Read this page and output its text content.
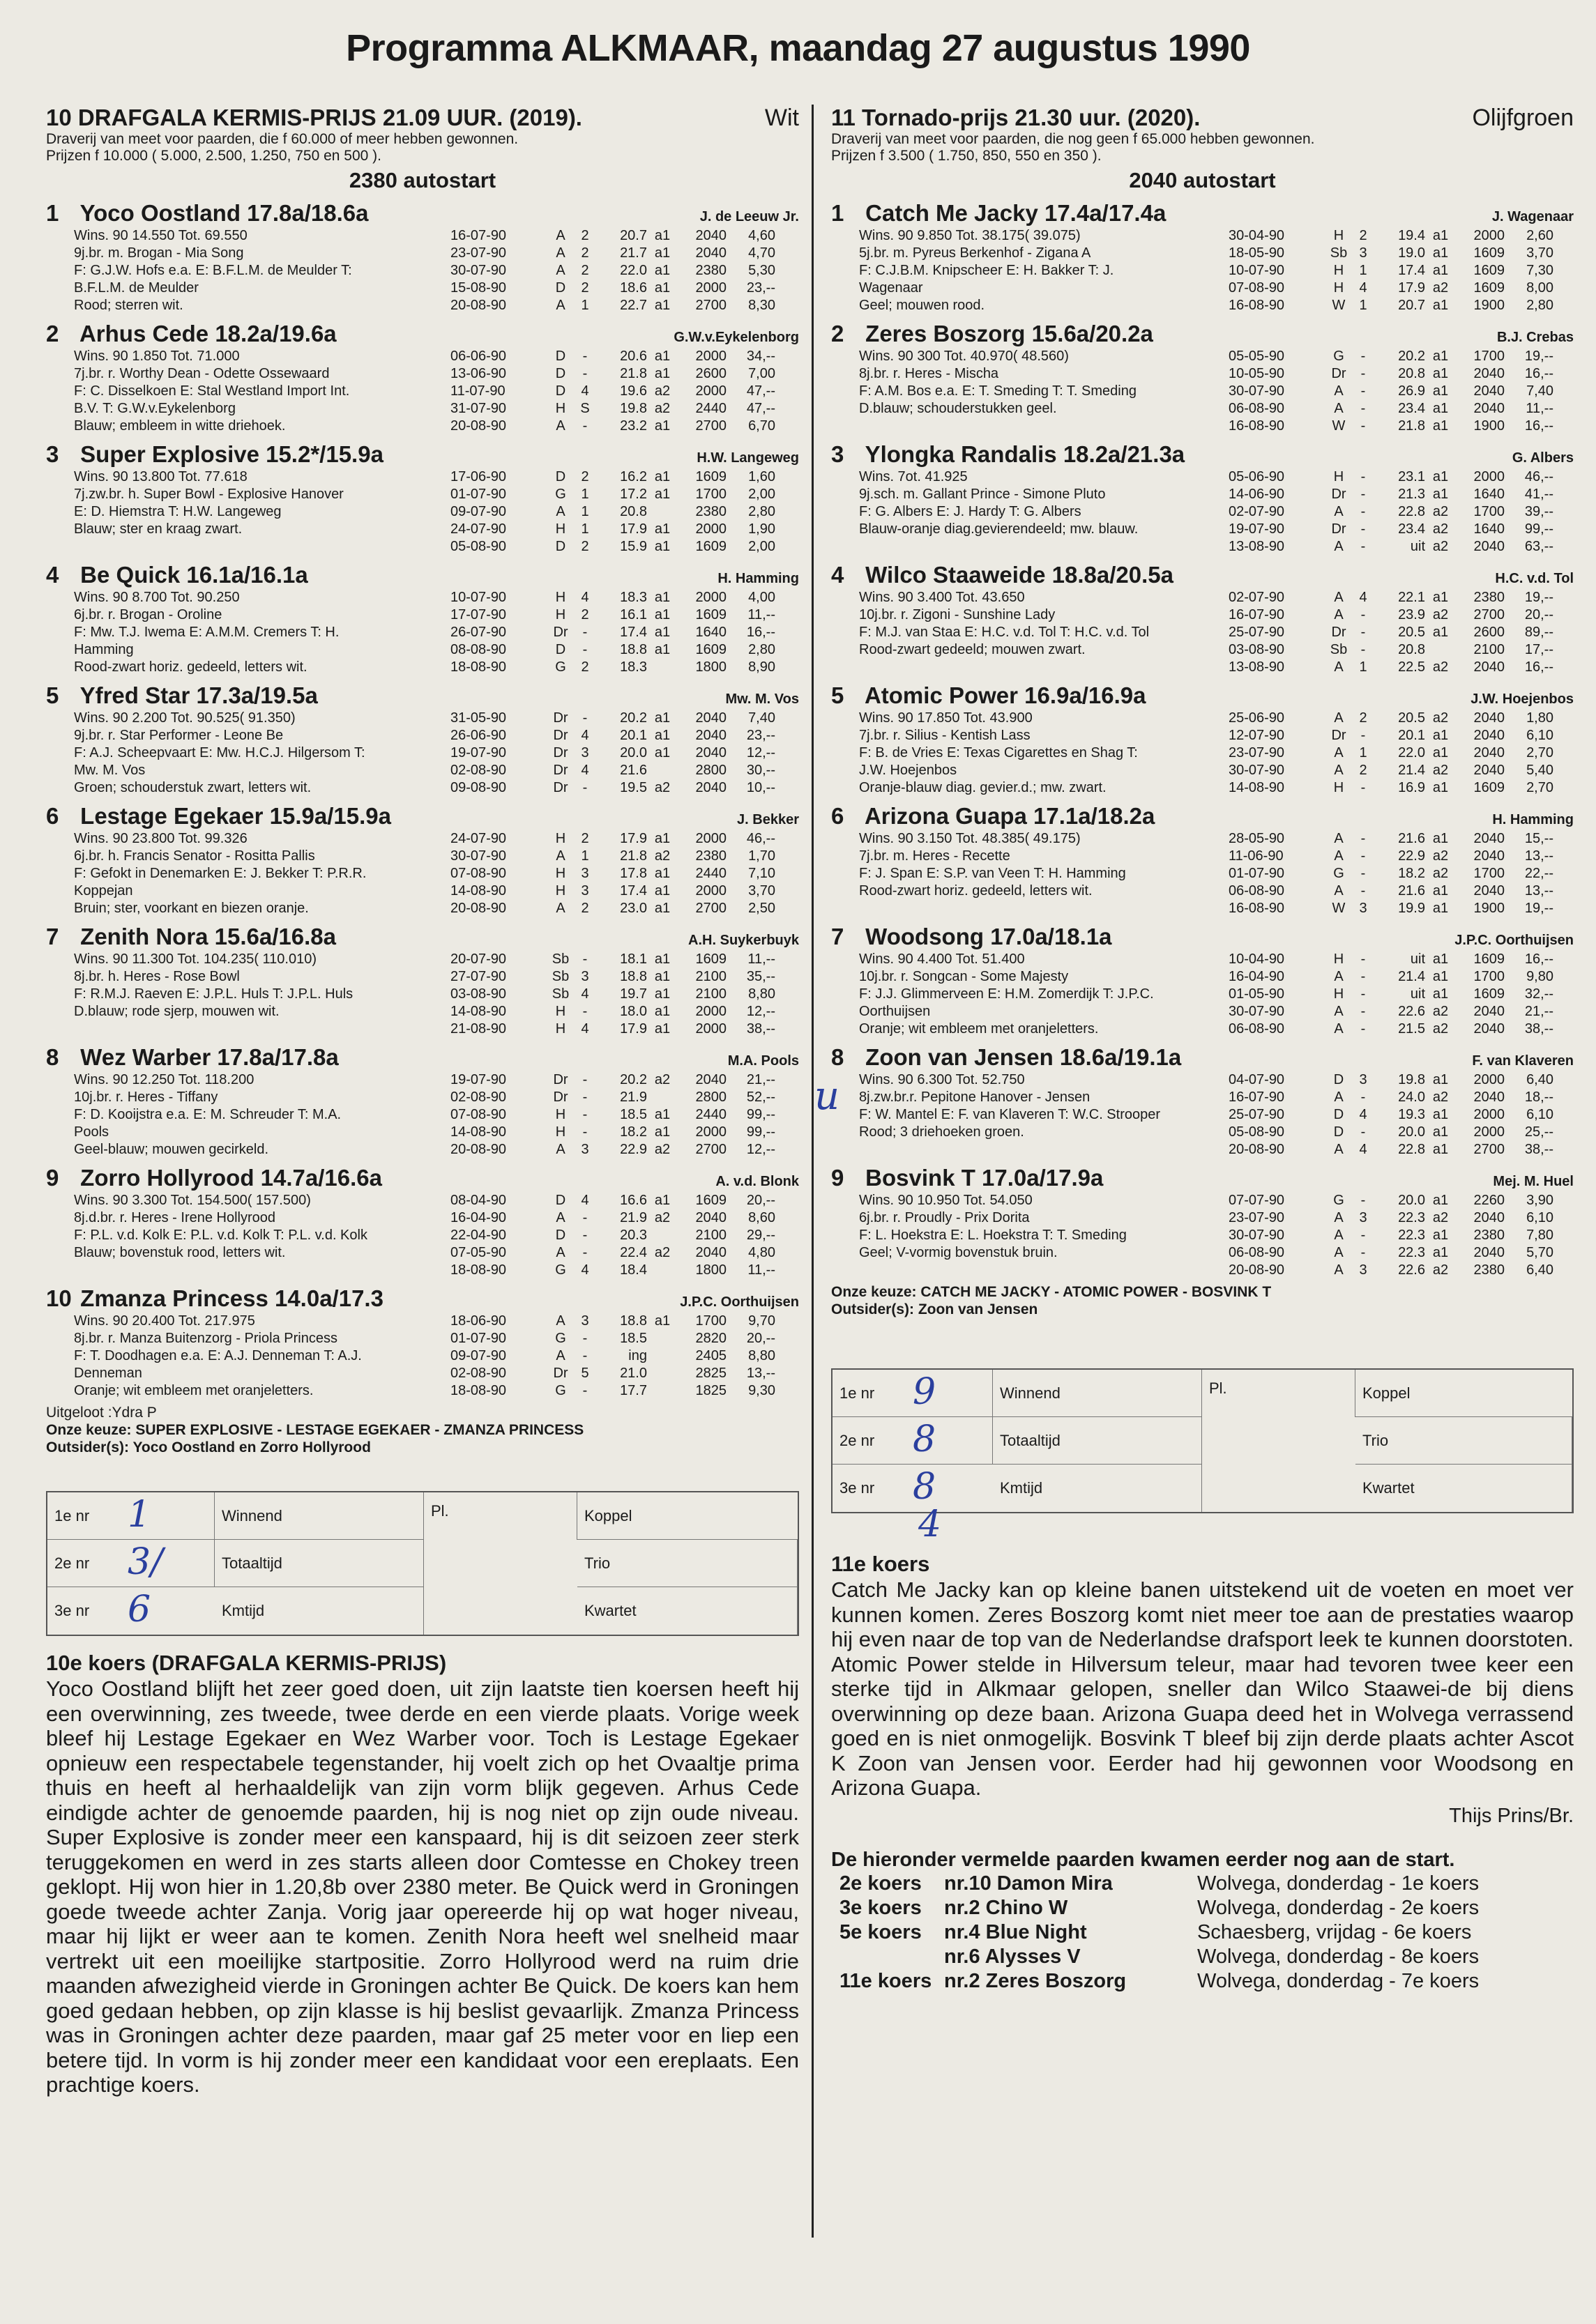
Programma ALKMAAR, maandag 27 augustus 1990
u
10 DRAFGALA KERMIS-PRIJS 21.09 UUR. (2019).	Wit
Draverij van meet voor paarden, die f 60.000 of meer hebben gewonnen.
Prijzen f 10.000 ( 5.000, 2.500, 1.250, 750 en 500 ).
2380 autostart
1 Yoco Oostland 17.8a/18.6a	J. de Leeuw Jr.
Wins. 90 14.550 Tot. 69.550
9j.br. m. Brogan - Mia Song
F: G.J.W. Hofs e.a. E: B.F.L.M. de Meulder T:
B.F.L.M. de Meulder
Rood; sterren wit.
16-07-90	A	2	20.7 a1	2040	4,60
23-07-90	A	2	21.7 a1	2040	4,70
30-07-90	A	2	22.0 a1	2380	5,30
15-08-90	D	2	18.6 a1	2000	23,--
20-08-90	A	1	22.7 a1	2700	8,30
2 Arhus Cede 18.2a/19.6a	G.W.v.Eykelenborg
Wins. 90 1.850 Tot. 71.000
7j.br. r. Worthy Dean - Odette Ossewaard
F: C. Disselkoen E: Stal Westland Import Int.
B.V. T: G.W.v.Eykelenborg
Blauw; embleem in witte driehoek.
06-06-90	D	-	20.6 a1	2000	34,--
13-06-90	D	-	21.8 a1	2600	7,00
11-07-90	D	4	19.6 a2	2000	47,--
31-07-90	H	S	19.8 a2	2440	47,--
20-08-90	A	-	23.2 a1	2700	6,70
3 Super Explosive 15.2*/15.9a	H.W. Langeweg
Wins. 90 13.800 Tot. 77.618
7j.zw.br. h. Super Bowl - Explosive Hanover
E: D. Hiemstra T: H.W. Langeweg
Blauw; ster en kraag zwart.
17-06-90	D	2	16.2 a1	1609	1,60
01-07-90	G	1	17.2 a1	1700	2,00
09-07-90	A	1	20.8	2380	2,80
24-07-90	H	1	17.9 a1	2000	1,90
05-08-90	D	2	15.9 a1	1609	2,00
4 Be Quick 16.1a/16.1a	H. Hamming
Wins. 90 8.700 Tot. 90.250
6j.br. r. Brogan - Oroline
F: Mw. T.J. Iwema E: A.M.M. Cremers T: H.
Hamming
Rood-zwart horiz. gedeeld, letters wit.
10-07-90	H	4	18.3 a1	2000	4,00
17-07-90	H	2	16.1 a1	1609	11,--
26-07-90	Dr	-	17.4 a1	1640	16,--
08-08-90	D	-	18.8 a1	1609	2,80
18-08-90	G	2	18.3	1800	8,90
5 Yfred Star 17.3a/19.5a	Mw. M. Vos
Wins. 90 2.200 Tot. 90.525( 91.350)
9j.br. r. Star Performer - Leone Be
F: A.J. Scheepvaart E: Mw. H.C.J. Hilgersom T:
Mw. M. Vos
Groen; schouderstuk zwart, letters wit.
31-05-90	Dr	-	20.2 a1	2040	7,40
26-06-90	Dr 4	20.1 a1	2040	23,--
19-07-90	Dr 3	20.0 a1	2040	12,--
02-08-90	Dr 4	21.6	2800	30,--
09-08-90	Dr	-	19.5 a2	2040	10,--
6 Lestage Egekaer 15.9a/15.9a	J. Bekker
Wins. 90 23.800 Tot. 99.326
6j.br. h. Francis Senator - Rositta Pallis
F: Gefokt in Denemarken E: J. Bekker T: P.R.R.
Koppejan
Bruin; ster, voorkant en biezen oranje.
24-07-90	H	2	17.9 a1	2000	46,--
30-07-90	A	1	21.8 a2	2380	1,70
07-08-90	H	3	17.8 a1	2440	7,10
14-08-90	H	3	17.4 a1	2000	3,70
20-08-90	A	2	23.0 a1	2700	2,50
7 Zenith Nora 15.6a/16.8a	A.H. Suykerbuyk
Wins. 90 11.300 Tot. 104.235( 110.010)
8j.br. h. Heres - Rose Bowl
F: R.M.J. Raeven E: J.P.L. Huls T: J.P.L. Huls
D.blauw; rode sjerp, mouwen wit.
20-07-90	Sb -	18.1 a1	1609	11,--
27-07-90	Sb 3	18.8 a1	2100	35,--
03-08-90	Sb 4	19.7 a1	2100	8,80
14-08-90	H	-	18.0 a1	2000	12,--
21-08-90	H	4	17.9 a1	2000	38,--
8 Wez Warber 17.8a/17.8a	M.A. Pools
Wins. 90 12.250 Tot. 118.200
10j.br. r. Heres - Tiffany
F: D. Kooijstra e.a. E: M. Schreuder T: M.A.
Pools
Geel-blauw; mouwen gecirkeld.
19-07-90	Dr	-	20.2 a2	2040	21,--
02-08-90	Dr	-	21.9	2800	52,--
07-08-90	H	-	18.5 a1	2440	99,--
14-08-90	H	-	18.2 a1	2000	99,--
20-08-90	A	3	22.9 a2	2700	12,--
9 Zorro Hollyrood 14.7a/16.6a	A. v.d. Blonk
Wins. 90 3.300 Tot. 154.500( 157.500)
8j.d.br. r. Heres - Irene Hollyrood
F: P.L. v.d. Kolk E: P.L. v.d. Kolk T: P.L. v.d. Kolk
Blauw; bovenstuk rood, letters wit.
08-04-90	D	4	16.6 a1	1609	20,--
16-04-90	A	-	21.9 a2	2040	8,60
22-04-90	D	-	20.3	2100	29,--
07-05-90	A	-	22.4 a2	2040	4,80
18-08-90	G	4	18.4	1800	11,--
10 Zmanza Princess 14.0a/17.3	J.P.C. Oorthuijsen
Wins. 90 20.400 Tot. 217.975
8j.br. r. Manza Buitenzorg - Priola Princess
F: T. Doodhagen e.a. E: A.J. Denneman T: A.J.
Denneman
Oranje; wit embleem met oranjeletters.
18-06-90	A	3	18.8 a1	1700	9,70
01-07-90	G	-	18.5	2820	20,--
09-07-90	A	-	ing	2405	8,80
02-08-90	Dr 5	21.0	2825	13,--
18-08-90	G	-	17.7	1825	9,30
Uitgeloot :Ydra P
Onze keuze: SUPER EXPLOSIVE - LESTAGE EGEKAER - ZMANZA PRINCESS
Outsider(s): Yoco Oostland en Zorro Hollyrood
1e nr 1	Winnend	Pl.	Koppel
2e nr 3/	Totaaltijd	Trio
3e nr 6	Kmtijd	Kwartet
10e koers (DRAFGALA KERMIS-PRIJS)
Yoco Oostland blijft het zeer goed doen, uit zijn laatste tien koersen heeft hij een overwinning, zes tweede, twee derde en een vierde plaats. Vorige week bleef hij Lestage Egekaer en Wez Warber voor. Toch is Lestage Egekaer opnieuw een respectabele tegenstander, hij voelt zich op het Ovaaltje prima thuis en heeft al herhaaldelijk van zijn vorm blijk gegeven. Arhus Cede eindigde achter de genoemde paarden, hij is nog niet op zijn oude niveau. Super Explosive is zonder meer een kanspaard, hij is dit seizoen zeer sterk teruggekomen en werd in zes starts alleen door Comtesse en Chokey treen geklopt. Hij won hier in 1.20,8b over 2380 meter. Be Quick werd in Groningen goede tweede achter Zanja. Vorig jaar opereerde hij op wat hoger niveau, maar hij lijkt er weer aan te komen. Zenith Nora heeft wel snelheid maar vertrekt uit een moeilijke startpositie. Zorro Hollyrood werd na ruim drie maanden afwezigheid vierde in Groningen achter Be Quick. De koers kan hem goed gedaan hebben, op zijn klasse is hij beslist gevaarlijk. Zmanza Princess was in Groningen achter deze paarden, maar gaf 25 meter voor en liep een betere tijd. In vorm is hij zonder meer een kandidaat voor een ereplaats. Een prachtige koers.
11 Tornado-prijs 21.30 uur. (2020).	Olijfgroen
Draverij van meet voor paarden, die nog geen f 65.000 hebben gewonnen.
Prijzen f 3.500 ( 1.750, 850, 550 en 350 ).
2040 autostart
1 Catch Me Jacky 17.4a/17.4a	J. Wagenaar
Wins. 90 9.850 Tot. 38.175( 39.075)
5j.br. m. Pyreus Berkenhof - Zigana A
F: C.J.B.M. Knipscheer E: H. Bakker T: J.
Wagenaar
Geel; mouwen rood.
30-04-90	H	2	19.4 a1	2000	2,60
18-05-90	Sb 3	19.0 a1	1609	3,70
10-07-90	H	1	17.4 a1	1609	7,30
07-08-90	H	4	17.9 a2	1609	8,00
16-08-90	W	1	20.7 a1	1900	2,80
2 Zeres Boszorg 15.6a/20.2a	B.J. Crebas
Wins. 90 300 Tot. 40.970( 48.560)
8j.br. r. Heres - Mischa
F: A.M. Bos e.a. E: T. Smeding T: T. Smeding
D.blauw; schouderstukken geel.
05-05-90	G	-	20.2 a1	1700	19,--
10-05-90	Dr	-	20.8 a1	2040	16,--
30-07-90	A	-	26.9 a1	2040	7,40
06-08-90	A	-	23.4 a1	2040	11,--
16-08-90	W	-	21.8 a1	1900	16,--
3 Ylongka Randalis 18.2a/21.3a	G. Albers
Wins. 7ot. 41.925
9j.sch. m. Gallant Prince - Simone Pluto
F: G. Albers E: J. Hardy T: G. Albers
Blauw-oranje diag.gevierendeeld; mw. blauw.
05-06-90	H	-	23.1 a1	2000	46,--
14-06-90	Dr	-	21.3 a1	1640	41,--
02-07-90	A	-	22.8 a2	1700	39,--
19-07-90	Dr	-	23.4 a2	1640	99,--
13-08-90	A	-	uit a2	2040	63,--
4 Wilco Staaweide 18.8a/20.5a	H.C. v.d. Tol
Wins. 90 3.400 Tot. 43.650
10j.br. r. Zigoni - Sunshine Lady
F: M.J. van Staa E: H.C. v.d. Tol T: H.C. v.d. Tol
Rood-zwart gedeeld; mouwen zwart.
02-07-90	A	4	22.1 a1	2380	19,--
16-07-90	A	-	23.9 a2	2700	20,--
25-07-90	Dr	-	20.5 a1	2600	89,--
03-08-90	Sb -	20.8	2100	17,--
13-08-90	A	1	22.5 a2	2040	16,--
5 Atomic Power 16.9a/16.9a	J.W. Hoejenbos
Wins. 90 17.850 Tot. 43.900
7j.br. r. Silius - Kentish Lass
F: B. de Vries E: Texas Cigarettes en Shag T:
J.W. Hoejenbos
Oranje-blauw diag. gevier.d.; mw. zwart.
25-06-90	A	2	20.5 a2	2040	1,80
12-07-90	Dr	-	20.1 a1	2040	6,10
23-07-90	A	1	22.0 a1	2040	2,70
30-07-90	A	2	21.4 a2	2040	5,40
14-08-90	H	-	16.9 a1	1609	2,70
6 Arizona Guapa 17.1a/18.2a	H. Hamming
Wins. 90 3.150 Tot. 48.385( 49.175)
7j.br. m. Heres - Recette
F: J. Span E: S.P. van Veen T: H. Hamming
Rood-zwart horiz. gedeeld, letters wit.
28-05-90	A	-	21.6 a1	2040	15,--
11-06-90	A	-	22.9 a2	2040	13,--
01-07-90	G	-	18.2 a2	1700	22,--
06-08-90	A	-	21.6 a1	2040	13,--
16-08-90	W	3	19.9 a1	1900	19,--
7 Woodsong 17.0a/18.1a	J.P.C. Oorthuijsen
Wins. 90 4.400 Tot. 51.400
10j.br. r. Songcan - Some Majesty
F: J.J. Glimmerveen E: H.M. Zomerdijk T: J.P.C.
Oorthuijsen
Oranje; wit embleem met oranjeletters.
10-04-90	H	-	uit a1	1609	16,--
16-04-90	A	-	21.4 a1	1700	9,80
01-05-90	H	-	uit a1	1609	32,--
30-07-90	A	-	22.6 a2	2040	21,--
06-08-90	A	-	21.5 a2	2040	38,--
8 Zoon van Jensen 18.6a/19.1a	F. van Klaveren
Wins. 90 6.300 Tot. 52.750
8j.zw.br.r. Pepitone Hanover - Jensen
F: W. Mantel E: F. van Klaveren T: W.C. Strooper
Rood; 3 driehoeken groen.
04-07-90	D	3	19.8 a1	2000	6,40
16-07-90	A	-	24.0 a2	2040	18,--
25-07-90	D	4	19.3 a1	2000	6,10
05-08-90	D	-	20.0 a1	2000	25,--
20-08-90	A	4	22.8 a1	2700	38,--
9 Bosvink T 17.0a/17.9a	Mej. M. Huel
Wins. 90 10.950 Tot. 54.050
6j.br. r. Proudly - Prix Dorita
F: L. Hoekstra E: L. Hoekstra T: T. Smeding
Geel; V-vormig bovenstuk bruin.
07-07-90	G	-	20.0 a1	2260	3,90
23-07-90	A	3	22.3 a2	2040	6,10
30-07-90	A	-	22.3 a1	2380	7,80
06-08-90	A	-	22.3 a1	2040	5,70
20-08-90	A	3	22.6 a2	2380	6,40
Onze keuze: CATCH ME JACKY - ATOMIC POWER - BOSVINK T
Outsider(s): Zoon van Jensen
1e nr 9	Winnend	Pl.	Koppel
2e nr 8	Totaaltijd	Trio
3e nr 8	Kmtijd	Kwartet
4
11e koers
Catch Me Jacky kan op kleine banen uitstekend uit de voeten en moet ver kunnen komen. Zeres Boszorg komt niet meer toe aan de prestaties waarop hij even naar de top van de Nederlandse drafsport leek te kunnen doorstoten. Atomic Power stelde in Hilversum teleur, maar had tevoren twee keer een sterke tijd in Alkmaar gelopen, sneller dan Wilco Staawei-de bij diens overwinning op deze baan. Arizona Guapa deed het in Wolvega verrassend goed en is niet onmogelijk. Bosvink T bleef bij zijn derde plaats achter Ascot K Zoon van Jensen voor. Eerder had hij gewonnen voor Woodsong en Arizona Guapa.
Thijs Prins/Br.
De hieronder vermelde paarden kwamen eerder nog aan de start.
2e koers	nr.10 Damon Mira	Wolvega, donderdag - 1e koers
3e koers	nr.2 Chino W	Wolvega, donderdag - 2e koers
5e koers	nr.4 Blue Night	Schaesberg, vrijdag - 6e koers
nr.6 Alysses V	Wolvega, donderdag - 8e koers
11e koers nr.2 Zeres Boszorg	Wolvega, donderdag - 7e koers
